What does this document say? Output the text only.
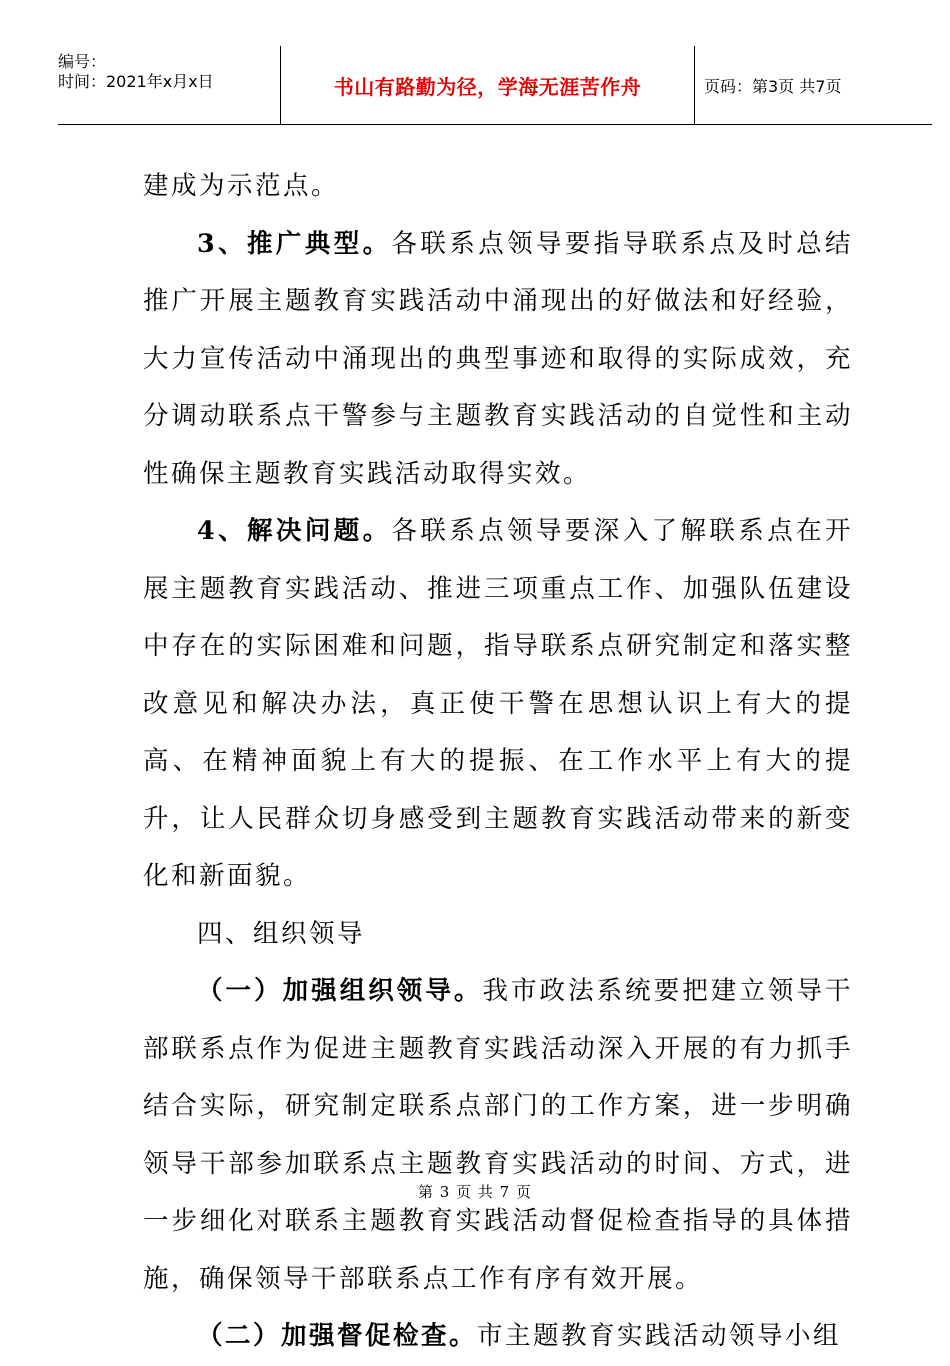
编号：
时间：2021年x月x日	书山有路勤为径，学海无涯苦作舟	页码：第3页 共7页

建成为示范点。

3、推广典型。各联系点领导要指导联系点及时总结推广开展主题教育实践活动中涌现出的好做法和好经验，大力宣传活动中涌现出的典型事迹和取得的实际成效，充分调动联系点干警参与主题教育实践活动的自觉性和主动性确保主题教育实践活动取得实效。

4、解决问题。各联系点领导要深入了解联系点在开展主题教育实践活动、推进三项重点工作、加强队伍建设中存在的实际困难和问题，指导联系点研究制定和落实整改意见和解决办法，真正使干警在思想认识上有大的提高、在精神面貌上有大的提振、在工作水平上有大的提升，让人民群众切身感受到主题教育实践活动带来的新变化和新面貌。

四、组织领导

（一）加强组织领导。我市政法系统要把建立领导干部联系点作为促进主题教育实践活动深入开展的有力抓手结合实际，研究制定联系点部门的工作方案，进一步明确领导干部参加联系点主题教育实践活动的时间、方式，进一步细化对联系主题教育实践活动督促检查指导的具体措施，确保领导干部联系点工作有序有效开展。

（二）加强督促检查。市主题教育实践活动领导小组

第 3 页 共 7 页
